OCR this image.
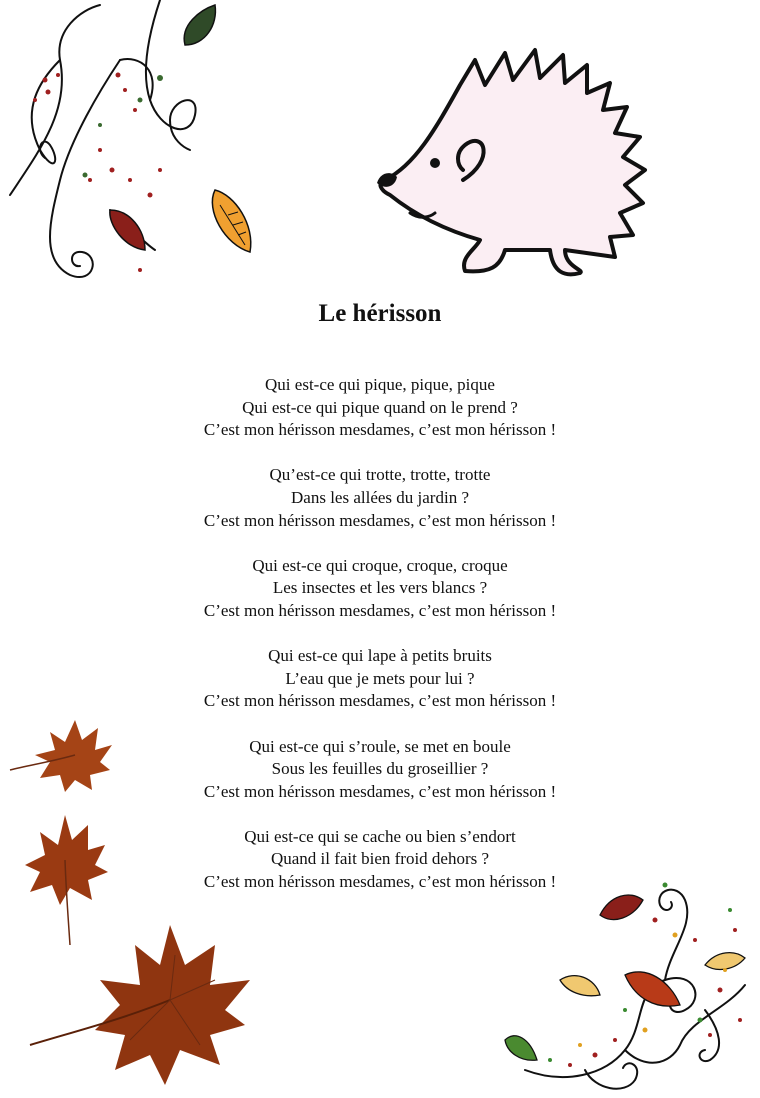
Le hérisson
Qui est-ce qui pique, pique, pique
Qui est-ce qui pique quand on le prend ?
C’est mon hérisson mesdames, c’est mon hérisson !
Qu’est-ce qui trotte, trotte, trotte
Dans les allées du jardin ?
C’est mon hérisson mesdames, c’est mon hérisson !
Qui est-ce qui croque, croque, croque
Les insectes et les vers blancs ?
C’est mon hérisson mesdames, c’est mon hérisson !
Qui est-ce qui lape à petits bruits
L’eau que je mets pour lui ?
C’est mon hérisson mesdames, c’est mon hérisson !
Qui est-ce qui s’roule, se met en boule
Sous les feuilles du groseillier ?
C’est mon hérisson mesdames, c’est mon hérisson !
Qui est-ce qui se cache ou bien s’endort
Quand il fait bien froid dehors ?
C’est mon hérisson mesdames, c’est mon hérisson !
